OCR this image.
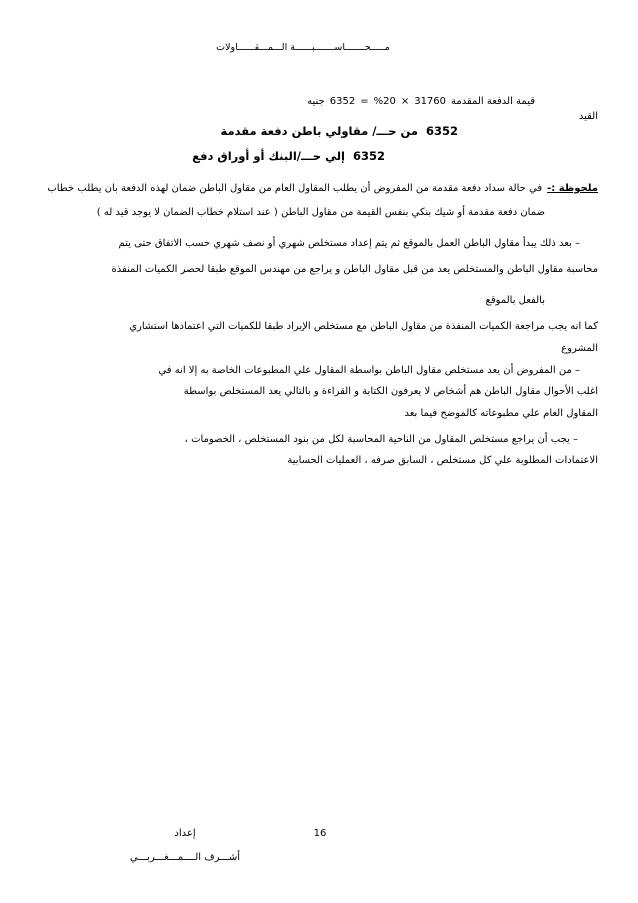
مـــــحـــــــاســـــــبــــــة الـــمـــقــــــاولات
قيمة الدفعة المقدمة
31760
×
%20
=
6352
جنيه
القيد
6352
من حـــ/ مقاولي باطن دفعة مقدمة
6352
إلي حـــ/البنك أو أوراق دفع
ملحوظة :-
في حالة سداد دفعة مقدمة من المفروض أن يطلب المقاول العام من مقاول الباطن ضمان لهذه الدفعة بان يطلب خطاب
ضمان دفعة مقدمة أو شيك بنكي بنفس القيمة من مقاول الباطن ( عند استلام خطاب الضمان لا يوجد قيد له )
– بعد ذلك يبدأ مقاول الباطن العمل بالموقع ثم يتم إعداد مستخلص شهري أو نصف شهري حسب الاتفاق حتى يتم
محاسبة مقاول الباطن والمستخلص يعد من قبل مقاول الباطن و يراجع من مهندس الموقع طبقا لحصر الكميات المنفذة
بالفعل بالموقع
كما انه يجب مراجعة الكميات المنفذة من مقاول الباطن مع مستخلص الإيراد طبقا للكميات التي اعتمادها استشاري
المشروع
– من المفروض أن يعد مستخلص مقاول الباطن بواسطة المقاول علي المطبوعات الخاصة به إلا انه في
اغلب الأحوال مقاول الباطن هم أشخاص لا يعرفون الكتابة و القراءة و بالتالي يعد المستخلص بواسطة
المقاول العام علي مطبوعاته كالموضح فيما بعد
– يجب أن يراجع مستخلص المقاول من الناحية المحاسبة لكل من بنود المستخلص ، الخصومات ،
الاعتمادات المطلوبة علي كل مستخلص ، السابق صرفه ، العمليات الحسابية
16
إعداد
أشـــرف الــــمـــغـــربـــي
